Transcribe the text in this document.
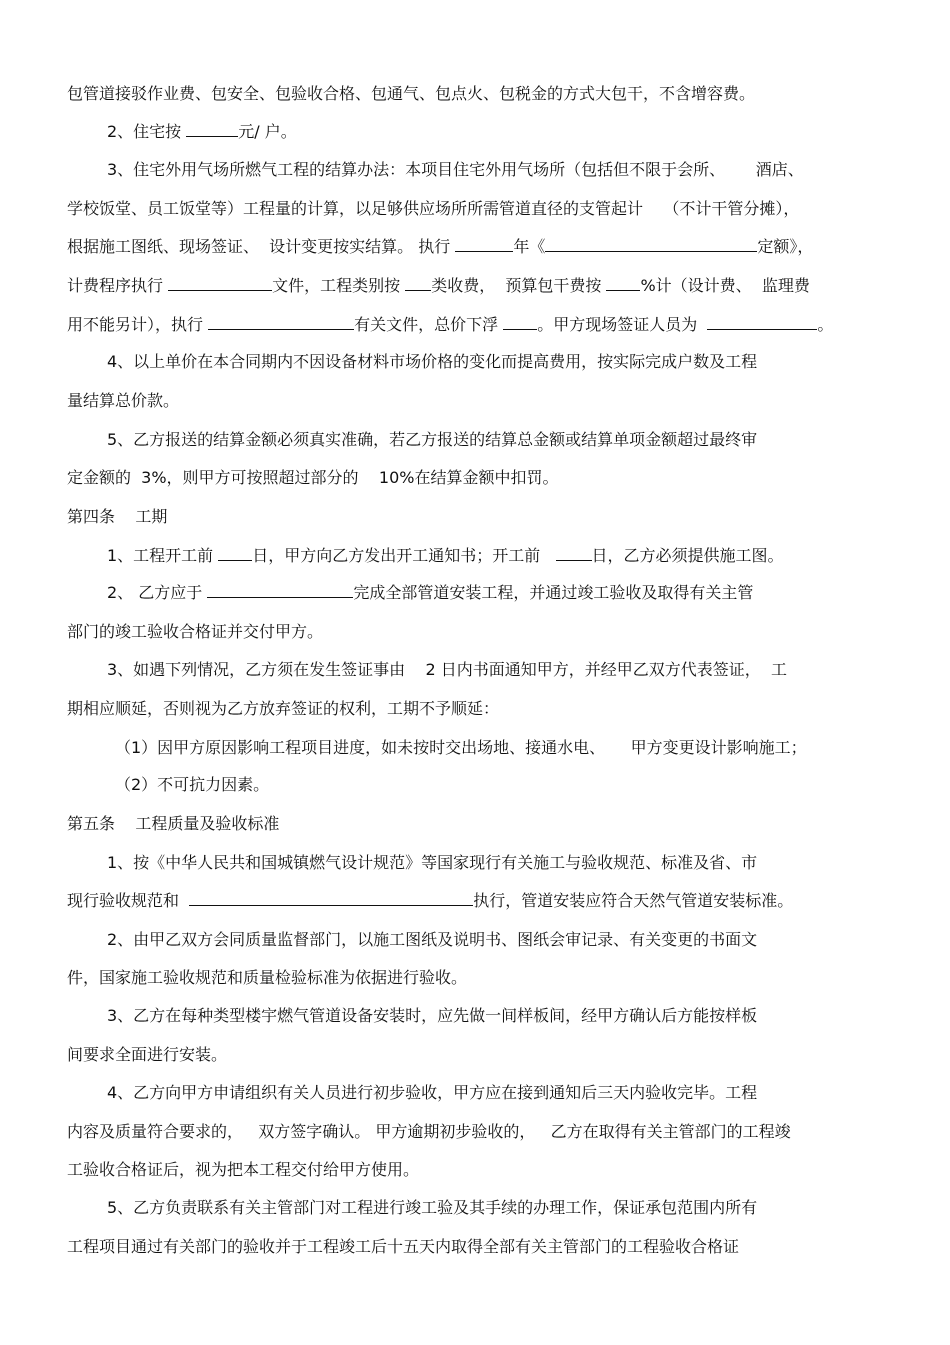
包管道接驳作业费、包安全、包验收合格、包通气、包点火、包税金的方式大包干，不含增容费。
2、住宅按	元/ 户。
3、住宅外用气场所燃气工程的结算办法：本项目住宅外用气场所（包括但不限于会所、      酒店、
学校饭堂、员工饭堂等）工程量的计算，以足够供应场所所需管道直径的支管起计    （不计干管分摊），
根据施工图纸、现场签证、  设计变更按实结算。 执行	年《	定额》，
计费程序执行	文件，工程类别按 类收费，  预算包干费按 %计（设计费、  监理费
用不能另计），执行	有关文件，总价下浮 。甲方现场签证人员为	。
4、以上单价在本合同期内不因设备材料市场价格的变化而提高费用，按实际完成户数及工程
量结算总价款。
5、乙方报送的结算金额必须真实准确，若乙方报送的结算总金额或结算单项金额超过最终审
定金额的  3%，则甲方可按照超过部分的    10%在结算金额中扣罚。
第四条    工期
1、工程开工前 日，甲方向乙方发出开工通知书；开工前   日，乙方必须提供施工图。
2、 乙方应于	完成全部管道安装工程，并通过竣工验收及取得有关主管
部门的竣工验收合格证并交付甲方。
3、如遇下列情况，乙方须在发生签证事由    2 日内书面通知甲方，并经甲乙双方代表签证，  工
期相应顺延，否则视为乙方放弃签证的权利，工期不予顺延：
（1）因甲方原因影响工程项目进度，如未按时交出场地、接通水电、     甲方变更设计影响施工；
（2）不可抗力因素。
第五条    工程质量及验收标准
1、按《中华人民共和国城镇燃气设计规范》等国家现行有关施工与验收规范、标准及省、市
现行验收规范和	执行，管道安装应符合天然气管道安装标准。
2、由甲乙双方会同质量监督部门，以施工图纸及说明书、图纸会审记录、有关变更的书面文
件，国家施工验收规范和质量检验标准为依据进行验收。
3、乙方在每种类型楼宇燃气管道设备安装时，应先做一间样板间，经甲方确认后方能按样板
间要求全面进行安装。
4、乙方向甲方申请组织有关人员进行初步验收，甲方应在接到通知后三天内验收完毕。工程
内容及质量符合要求的，   双方签字确认。 甲方逾期初步验收的，   乙方在取得有关主管部门的工程竣
工验收合格证后，视为把本工程交付给甲方使用。
5、乙方负责联系有关主管部门对工程进行竣工验及其手续的办理工作，保证承包范围内所有
工程项目通过有关部门的验收并于工程竣工后十五天内取得全部有关主管部门的工程验收合格证
